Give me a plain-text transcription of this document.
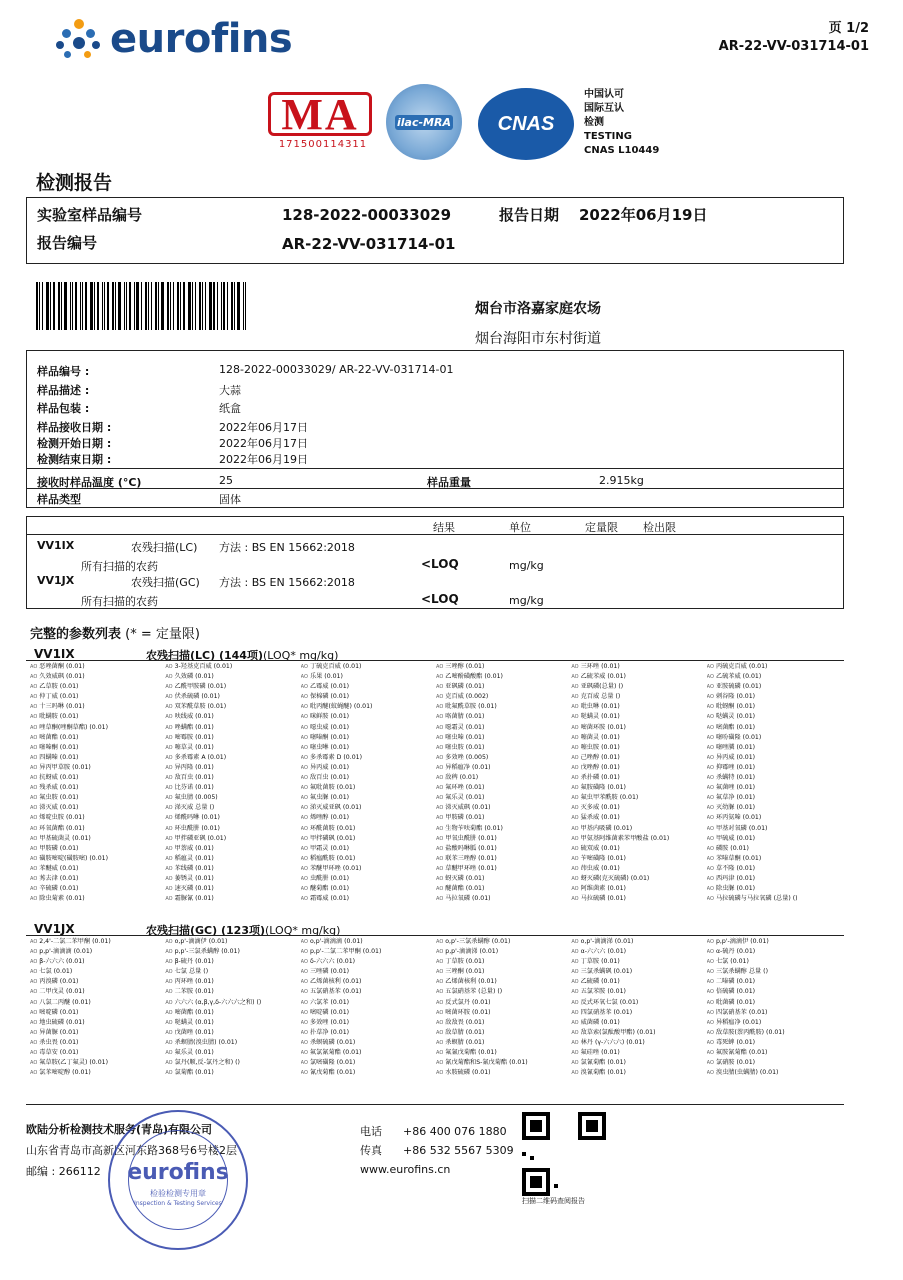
eurofins	页 1/2
AR-22-VV-031714-01
MA
171500114311
ilac-MRA CNAS
中国认可
国际互认
检测
TESTING
CNAS L10449
检测报告
实验室样品编号	128-2022-00033029	报告日期 2022年06月19日
报告编号	AR-22-VV-031714-01
烟台市洛嘉家庭农场
烟台海阳市东村街道
样品编号 :	128-2022-00033029/ AR-22-VV-031714-01
样品描述 :	大蒜
样品包装 :	纸盒
样品接收日期 :	2022年06月17日
检测开始日期 :	2022年06月17日
检测结束日期 :	2022年06月19日
接收时样品温度 (°C)	25	样品重量	2.915kg
样品类型	固体
结果	单位	定量限 检出限
VV1IX	农残扫描(LC) 方法 : BS EN 15662:2018
所有扫描的农药	<LOQ	mg/kg
VV1JX	农残扫描(GC) 方法 : BS EN 15662:2018
所有扫描的农药	<LOQ	mg/kg
完整的参数列表 (* = 定量限)
VV1IX	农残扫描(LC) (144项)(LOQ* mg/kg)
AO 恶唑菌酮 (0.01)	AO 3-羟基克百威 (0.01)	AO 丁硫克百威 (0.01)	AO 三唑醇 (0.01)	AO 三环唑 (0.01)	AO 丙硫克百威 (0.01)
AO 久效威砜 (0.01)	AO 久效磷 (0.01)	AO 乐果 (0.01)	AO 乙嘧酚磺酸酯 (0.01)	AO 乙硫苯威 (0.01)	AO 乙硫苯威 (0.01)
AO 乙草胺 (0.01)	AO 乙酰甲胺磷 (0.01)	AO 乙霉威 (0.01)	AO 亚砜磷 (0.01)	AO 亚砜磷(总量) ()	AO 亚胺硫磷 (0.01)
AO 仲丁威 (0.01)	AO 伏杀硫磷 (0.01)	AO 保棉磷 (0.01)	AO 克百威 (0.002)	AO 克百威 总量 ()	AO 刺谷隆 (0.01)
AO 十三吗啉 (0.01)	AO 双苯酰草胺 (0.01)	AO 吡丙醚(蚊蝇醚) (0.01)	AO 吡氟酰草胺 (0.01)	AO 吡虫啉 (0.01)	AO 吡蚜酮 (0.01)
AO 吡螨胺 (0.01)	AO 呋线威 (0.01)	AO 咪鲜胺 (0.01)	AO 咯菌腈 (0.01)	AO 哒螨灵 (0.01)	AO 哒螨灵 (0.01)
AO 唑草酮(唑酮草酯) (0.01)	AO 唑螨酯 (0.01)	AO 噁虫威 (0.01)	AO 噁霜灵 (0.01)	AO 嘧菌环胺 (0.01)	AO 嘧菌酯 (0.01)
AO 嘧菌酯 (0.01)	AO 嘧霉胺 (0.01)	AO 噻嗪酮 (0.01)	AO 噻虫嗪 (0.01)	AO 噻菌灵 (0.01)	AO 噻吩磺隆 (0.01)
AO 噻嗪酮 (0.01)	AO 噻草灵 (0.01)	AO 噻虫啉 (0.01)	AO 噻虫胺 (0.01)	AO 噻虫胺 (0.01)	AO 噻唑膦 (0.01)
AO 四螨嗪 (0.01)	AO 多杀霉素 A (0.01)	AO 多杀霉素 D (0.01)	AO 多效唑 (0.005)	AO 己唑醇 (0.01)	AO 异丙威 (0.01)
AO 异丙甲草胺 (0.01)	AO 异丙隆 (0.01)	AO 异丙威 (0.01)	AO 异稻瘟净 (0.01)	AO 戊唑醇 (0.01)	AO 抑霉唑 (0.01)
AO 抗蚜威 (0.01)	AO 敌百虫 (0.01)	AO 敌百虫 (0.01)	AO 敌稗 (0.01)	AO 杀扑磷 (0.01)	AO 杀螨特 (0.01)
AO 残杀威 (0.01)	AO 比芬诺 (0.01)	AO 氟吡菌胺 (0.01)	AO 氟环唑 (0.01)	AO 氟胺磺隆 (0.01)	AO 氟菌唑 (0.01)
AO 氟虫胺 (0.01)	AO 氟虫腈 (0.005)	AO 氟虫脲 (0.01)	AO 氟乐灵 (0.01)	AO 氟虫甲苯酰胺 (0.01)	AO 氟草净 (0.01)
AO 涕灭威 (0.01)	AO 涕灭威 总量 ()	AO 涕灭威亚砜 (0.01)	AO 涕灭威砜 (0.01)	AO 灭多威 (0.01)	AO 灭幼脲 (0.01)
AO 烯啶虫胺 (0.01)	AO 烯酰吗啉 (0.01)	AO 烯唑醇 (0.01)	AO 甲胺磷 (0.01)	AO 猛杀威 (0.01)	AO 环丙氨嗪 (0.01)
AO 环氧菌酯 (0.01)	AO 环虫酰肼 (0.01)	AO 环酰菌胺 (0.01)	AO 生物苄呋菊酯 (0.01)	AO 甲基内吸磷 (0.01)	AO 甲基对氧磷 (0.01)
AO 甲基硫菌灵 (0.01)	AO 甲拌磷亚砜 (0.01)	AO 甲拌磷砜 (0.01)	AO 甲氧虫酰肼 (0.01)	AO 甲氨基阿维菌素苯甲酸盐 (0.01)	AO 甲硫威 (0.01)
AO 甲胺磷 (0.01)	AO 甲萘威 (0.01)	AO 甲霜灵 (0.01)	AO 盐酸吗啉胍 (0.01)	AO 硫双威 (0.01)	AO 磷胺 (0.01)
AO 磺胺嘧啶(磺胺嘧) (0.01)	AO 稻瘟灵 (0.01)	AO 稻瘟酰胺 (0.01)	AO 联苯三唑醇 (0.01)	AO 苄嘧磺隆 (0.01)	AO 苯嗪草酮 (0.01)
AO 苯醚威 (0.01)	AO 苯线磷 (0.01)	AO 苯醚甲环唑 (0.01)	AO 草醚甲环唑 (0.01)	AO 茚虫威 (0.01)	AO 草不隆 (0.01)
AO 莠去津 (0.01)	AO 萎锈灵 (0.01)	AO 虫酰肼 (0.01)	AO 蚜灭磷 (0.01)	AO 蚜灭磷(克灭硫磷) (0.01)	AO 西玛津 (0.01)
AO 辛硫磷 (0.01)	AO 速灭磷 (0.01)	AO 醚菊酯 (0.01)	AO 醚菌酯 (0.01)	AO 阿维菌素 (0.01)	AO 除虫脲 (0.01)
AO 除虫菊素 (0.01)	AO 霜脲氰 (0.01)	AO 霜霉威 (0.01)	AO 马拉氧磷 (0.01)	AO 马拉硫磷 (0.01)	AO 马拉硫磷与马拉氧磷 (总量) ()
VV1JX	农残扫描(GC) (123项)(LOQ* mg/kg)
AO 2,4'-二氯二苯甲酮 (0.01)	AO o,p'-滴滴伊 (0.01)	AO o,p'-滴滴滴 (0.01)	AO o,p'-三氯杀螨醇 (0.01)	AO o,p'-滴滴涕 (0.01)	AO p,p'-滴滴伊 (0.01)
AO p,p'-滴滴滴 (0.01)	AO p,p'-三氯杀螨醇 (0.01)	AO p,p'-二氯二苯甲酮 (0.01)	AO p,p'-滴滴涕 (0.01)	AO α-六六六 (0.01)	AO α-硫丹 (0.01)
AO β-六六六 (0.01)	AO β-硫丹 (0.01)	AO δ-六六六 (0.01)	AO 丁草胺 (0.01)	AO 丁草胺 (0.01)	AO 七氯 (0.01)
AO 七氯 (0.01)	AO 七氯 总量 ()	AO 三唑磷 (0.01)	AO 三唑酮 (0.01)	AO 三氯杀螨砜 (0.01)	AO 三氯杀螨醇 总量 ()
AO 丙溴磷 (0.01)	AO 丙环唑 (0.01)	AO 乙烯菌核利 (0.01)	AO 乙烯菌核利 (0.01)	AO 乙硫磷 (0.01)	AO 二嗪磷 (0.01)
AO 二甲戊灵 (0.01)	AO 二苯胺 (0.01)	AO 五氯硝基苯 (0.01)	AO 五氯硝基苯 (总量) ()	AO 五氯苯胺 (0.01)	AO 倍硫磷 (0.01)
AO 八氯二丙醚 (0.01)	AO 六六六 (α,β,γ,δ-六六六之和) ()	AO 六氯苯 (0.01)	AO 反式氯丹 (0.01)	AO 反式环氧七氯 (0.01)	AO 吡菌磷 (0.01)
AO 嘧啶磷 (0.01)	AO 嘧菌酯 (0.01)	AO 嘧啶磷 (0.01)	AO 嘧菌环胺 (0.01)	AO 四氯硝基苯 (0.01)	AO 四氯硝基苯 (0.01)
AO 地虫硫磷 (0.01)	AO 哒螨灵 (0.01)	AO 多效唑 (0.01)	AO 敌敌畏 (0.01)	AO 威菌磷 (0.01)	AO 异稻瘟净 (0.01)
AO 异菌脲 (0.01)	AO 戊菌唑 (0.01)	AO 扑草净 (0.01)	AO 敌草腈 (0.01)	AO 敌草索(氯酞酸甲酯) (0.01)	AO 敌草胺(萘丙酰胺) (0.01)
AO 杀虫畏 (0.01)	AO 杀螟腈(溴虫腈) (0.01)	AO 杀螟硫磷 (0.01)	AO 杀螟腈 (0.01)	AO 林丹 (γ-六六六) (0.01)	AO 毒死蜱 (0.01)
AO 毒草安 (0.01)	AO 氟乐灵 (0.01)	AO 氟氯氰菊酯 (0.01)	AO 氟氰戊菊酯 (0.01)	AO 氟硅唑 (0.01)	AO 氟胺氰菊酯 (0.01)
AO 氟草胺(乙丁氟灵) (0.01)	AO 氯丹(顺,反-氯丹之和) ()	AO 氯嘧磺隆 (0.01)	AO 氰戊菊酯和S-氰戊菊酯 (0.01)	AO 氯氰菊酯 (0.01)	AO 氯硝胺 (0.01)
AO 氯苯嘧啶醇 (0.01)	AO 氯菊酯 (0.01)	AO 氰戊菊酯 (0.01)	AO 水胺硫磷 (0.01)	AO 溴氰菊酯 (0.01)	AO 溴虫腈(虫螨腈) (0.01)
欧陆分析检测技术服务(青岛)有限公司
山东省青岛市高新区河东路368号6号楼2层
邮编 : 266112
电话 +86 400 076 1880
传真 +86 532 5567 5309
www.eurofins.cn
扫描二维码查阅报告
eurofins
检验检测专用章
Inspection & Testing Services
